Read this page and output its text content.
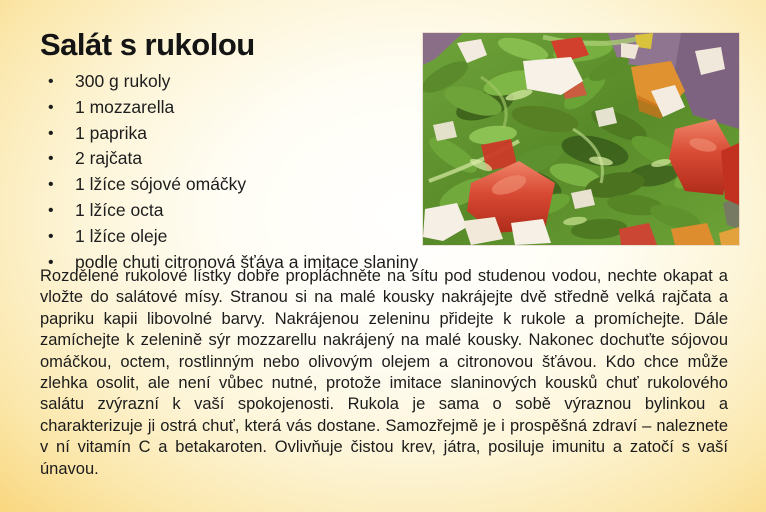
Salát s rukolou
• 300 g rukoly
• 1 mozzarella
• 1 paprika
• 2 rajčata
• 1 lžíce sójové omáčky
• 1 lžíce octa
• 1 lžíce oleje
• podle chuti citronová šťáva a imitace slaniny

Rozdělené rukolové lístky dobře propláchněte na sítu pod studenou vodou, nechte okapat a vložte do salátové mísy. Stranou si na malé kousky nakrájejte dvě středně velká rajčata a papriku kapii libovolné barvy. Nakrájenou zeleninu přidejte k rukole a promíchejte. Dále zamíchejte k zelenině sýr mozzarellu nakrájený na malé kousky. Nakonec dochuťte sójovou omáčkou, octem, rostlinným nebo olivovým olejem a citronovou šťávou. Kdo chce může zlehka osolit, ale není vůbec nutné, protože imitace slaninových kousků chuť rukolového salátu zvýrazní k vaší spokojenosti. Rukola je sama o sobě výraznou bylinkou a charakterizuje ji ostrá chuť, která vás dostane. Samozřejmě je i prospěšná zdraví – naleznete v ní vitamín C a betakaroten. Ovlivňuje čistou krev, játra, posiluje imunitu a zatočí s vaší únavou.
